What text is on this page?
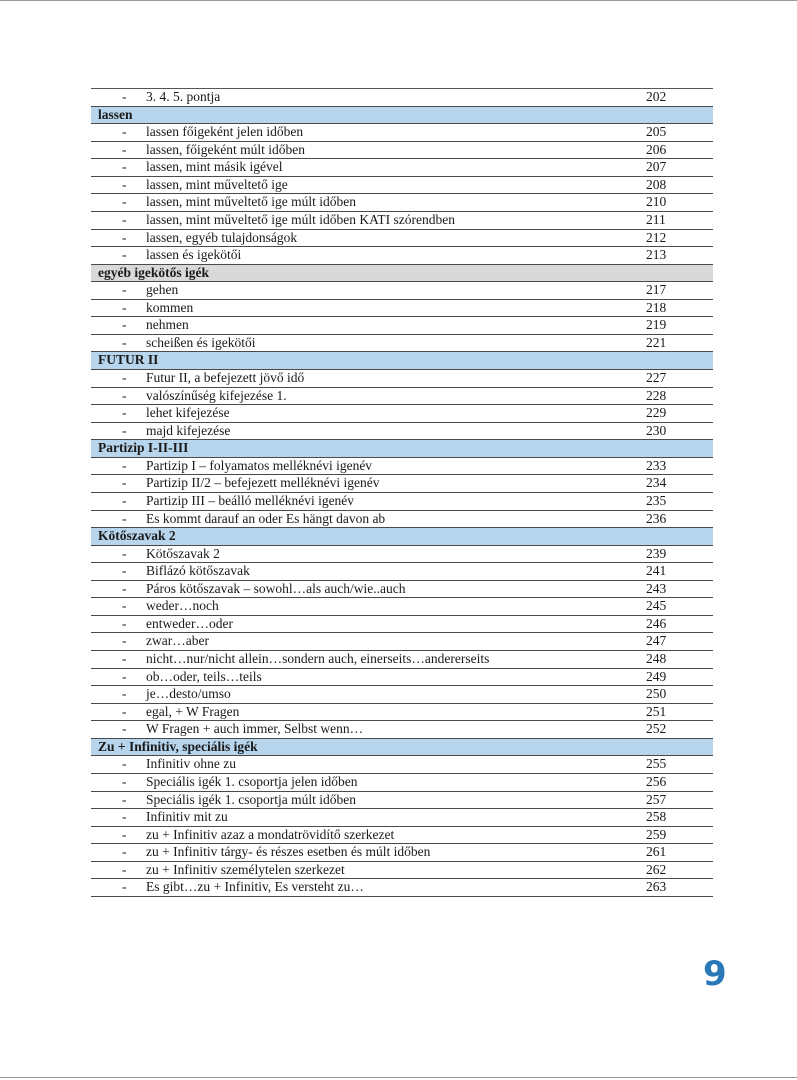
- 3. 4. 5. pontja	202
lassen
- lassen főigeként jelen időben	205
- lassen, főigeként múlt időben	206
- lassen, mint másik igével	207
- lassen, mint műveltető ige	208
- lassen, mint műveltető ige múlt időben	210
- lassen, mint műveltető ige múlt időben KATI szórendben	211
- lassen, egyéb tulajdonságok	212
- lassen és igekötői	213
egyéb igekötős igék
- gehen	217
- kommen	218
- nehmen	219
- scheißen és igekötői	221
FUTUR II
- Futur II, a befejezett jövő idő	227
- valószínűség kifejezése 1.	228
- lehet kifejezése	229
- majd kifejezése	230
Partizip I-II-III
- Partizip I – folyamatos melléknévi igenév	233
- Partizip II/2 – befejezett melléknévi igenév	234
- Partizip III – beálló melléknévi igenév	235
- Es kommt darauf an oder Es hängt davon ab	236
Kötőszavak 2
- Kötőszavak 2	239
- Biflázó kötőszavak	241
- Páros kötőszavak – sowohl…als auch/wie..auch	243
- weder…noch	245
- entweder…oder	246
- zwar…aber	247
- nicht…nur/nicht allein…sondern auch, einerseits…andererseits	248
- ob…oder, teils…teils	249
- je…desto/umso	250
- egal, + W Fragen	251
- W Fragen + auch immer, Selbst wenn…	252
Zu + Infinitiv, speciális igék
- Infinitiv ohne zu	255
- Speciális igék 1. csoportja jelen időben	256
- Speciális igék 1. csoportja múlt időben	257
- Infinitiv mit zu	258
- zu + Infinitiv azaz a mondatrövidítő szerkezet	259
- zu + Infinitiv tárgy- és részes esetben és múlt időben	261
- zu + Infinitiv személytelen szerkezet	262
- Es gibt…zu + Infinitiv, Es versteht zu…	263
9
